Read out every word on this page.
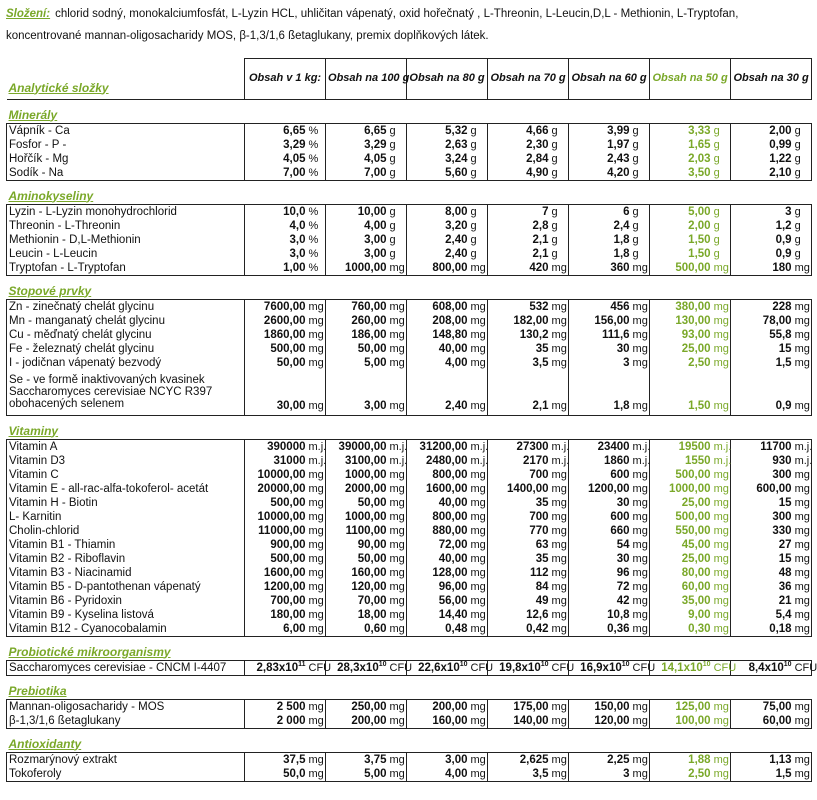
Složení: chlorid sodný, monokalciumfosfát, L-Lyzin HCL, uhličitan vápenatý, oxid hořečnatý , L-Threonin, L-Leucin,D,L - Methionin, L-Tryptofan, koncentrované mannan-oligosacharidy MOS, β-1,3/1,6 ßetaglukany, premix doplňkových látek.
Analytické složky	Obsah v 1 kg:		Obsah na 100 g		Obsah na 80 g		Obsah na 70 g		Obsah na 60 g		Obsah na 50 g		Obsah na 30 g	
Minerály														
Vápník - Ca	6,65	%	6,65	g	5,32	g	4,66	g	3,99	g	3,33	g	2,00	g
Fosfor - P -	3,29	%	3,29	g	2,63	g	2,30	g	1,97	g	1,65	g	0,99	g
Hořčík - Mg	4,05	%	4,05	g	3,24	g	2,84	g	2,43	g	2,03	g	1,22	g
Sodík - Na	7,00	%	7,00	g	5,60	g	4,90	g	4,20	g	3,50	g	2,10	g
Aminokyseliny														
Lyzin - L-Lyzin monohydrochlorid	10,0	%	10,00	g	8,00	g	7	g	6	g	5,00	g	3	g
Threonin - L-Threonin	4,0	%	4,00	g	3,20	g	2,8	g	2,4	g	2,00	g	1,2	g
Methionin - D,L-Methionin	3,0	%	3,00	g	2,40	g	2,1	g	1,8	g	1,50	g	0,9	g
Leucin - L-Leucin	3,0	%	3,00	g	2,40	g	2,1	g	1,8	g	1,50	g	0,9	g
Tryptofan - L-Tryptofan	1,00	%	1000,00	mg	800,00	mg	420	mg	360	mg	500,00	mg	180	mg
Stopové prvky														
Zn - zinečnatý chelát glycinu	7600,00	mg	760,00	mg	608,00	mg	532	mg	456	mg	380,00	mg	228	mg
Mn - manganatý chelát glycinu	2600,00	mg	260,00	mg	208,00	mg	182,00	mg	156,00	mg	130,00	mg	78,00	mg
Cu - měďnatý chelát glycinu	1860,00	mg	186,00	mg	148,80	mg	130,2	mg	111,6	mg	93,00	mg	55,8	mg
Fe - železnatý chelát glycinu	500,00	mg	50,00	mg	40,00	mg	35	mg	30	mg	25,00	mg	15	mg
I - jodičnan vápenatý bezvodý	50,00	mg	5,00	mg	4,00	mg	3,5	mg	3	mg	2,50	mg	1,5	mg
Se - ve formě inaktivovaných kvasinek Saccharomyces cerevisiae NCYC R397 obohacených selenem	30,00	mg	3,00	mg	2,40	mg	2,1	mg	1,8	mg	1,50	mg	0,9	mg
Vitaminy														
Vitamin A	390000	m.j.	39000,00	m.j.	31200,00	m.j.	27300	m.j.	23400	m.j.	19500	m.j.	11700	m.j.
Vitamin D3	31000	m.j.	3100,00	m.j.	2480,00	m.j.	2170	m.j.	1860	m.j.	1550	m.j.	930	m.j.
Vitamin C	10000,00	mg	1000,00	mg	800,00	mg	700	mg	600	mg	500,00	mg	300	mg
Vitamin E - all-rac-alfa-tokoferol- acetát	20000,00	mg	2000,00	mg	1600,00	mg	1400,00	mg	1200,00	mg	1000,00	mg	600,00	mg
Vitamin H - Biotin	500,00	mg	50,00	mg	40,00	mg	35	mg	30	mg	25,00	mg	15	mg
L- Karnitin	10000,00	mg	1000,00	mg	800,00	mg	700	mg	600	mg	500,00	mg	300	mg
Cholin-chlorid	11000,00	mg	1100,00	mg	880,00	mg	770	mg	660	mg	550,00	mg	330	mg
Vitamin B1 - Thiamin	900,00	mg	90,00	mg	72,00	mg	63	mg	54	mg	45,00	mg	27	mg
Vitamin B2 - Riboflavin	500,00	mg	50,00	mg	40,00	mg	35	mg	30	mg	25,00	mg	15	mg
Vitamin B3 - Niacinamid	1600,00	mg	160,00	mg	128,00	mg	112	mg	96	mg	80,00	mg	48	mg
Vitamin B5 - D-pantothenan vápenatý	1200,00	mg	120,00	mg	96,00	mg	84	mg	72	mg	60,00	mg	36	mg
Vitamin B6 - Pyridoxin	700,00	mg	70,00	mg	56,00	mg	49	mg	42	mg	35,00	mg	21	mg
Vitamin B9 - Kyselina listová	180,00	mg	18,00	mg	14,40	mg	12,6	mg	10,8	mg	9,00	mg	5,4	mg
Vitamin B12 - Cyanocobalamin	6,00	mg	0,60	mg	0,48	mg	0,42	mg	0,36	mg	0,30	mg	0,18	mg
Probiotické mikroorganismy														
Saccharomyces cerevisiae - CNCM I-4407	$2,83x10^{11}$	CFU	$28,3x10^{10}$	CFU	$22,6x10^{10}$	CFU	$19,8x10^{10}$	CFU	$16,9x10^{10}$	CFU	$14,1x10^{10}$	CFU	$8,4x10^{10}$	CFU
Prebiotika														
Mannan-oligosacharidy - MOS	2 500	mg	250,00	mg	200,00	mg	175,00	mg	150,00	mg	125,00	mg	75,00	mg
β-1,3/1,6 ßetaglukany	2 000	mg	200,00	mg	160,00	mg	140,00	mg	120,00	mg	100,00	mg	60,00	mg
Antioxidanty														
Rozmarýnový extrakt	37,5	mg	3,75	mg	3,00	mg	2,625	mg	2,25	mg	1,88	mg	1,13	mg
Tokoferoly	50,0	mg	5,00	mg	4,00	mg	3,5	mg	3	mg	2,50	mg	1,5	mg
